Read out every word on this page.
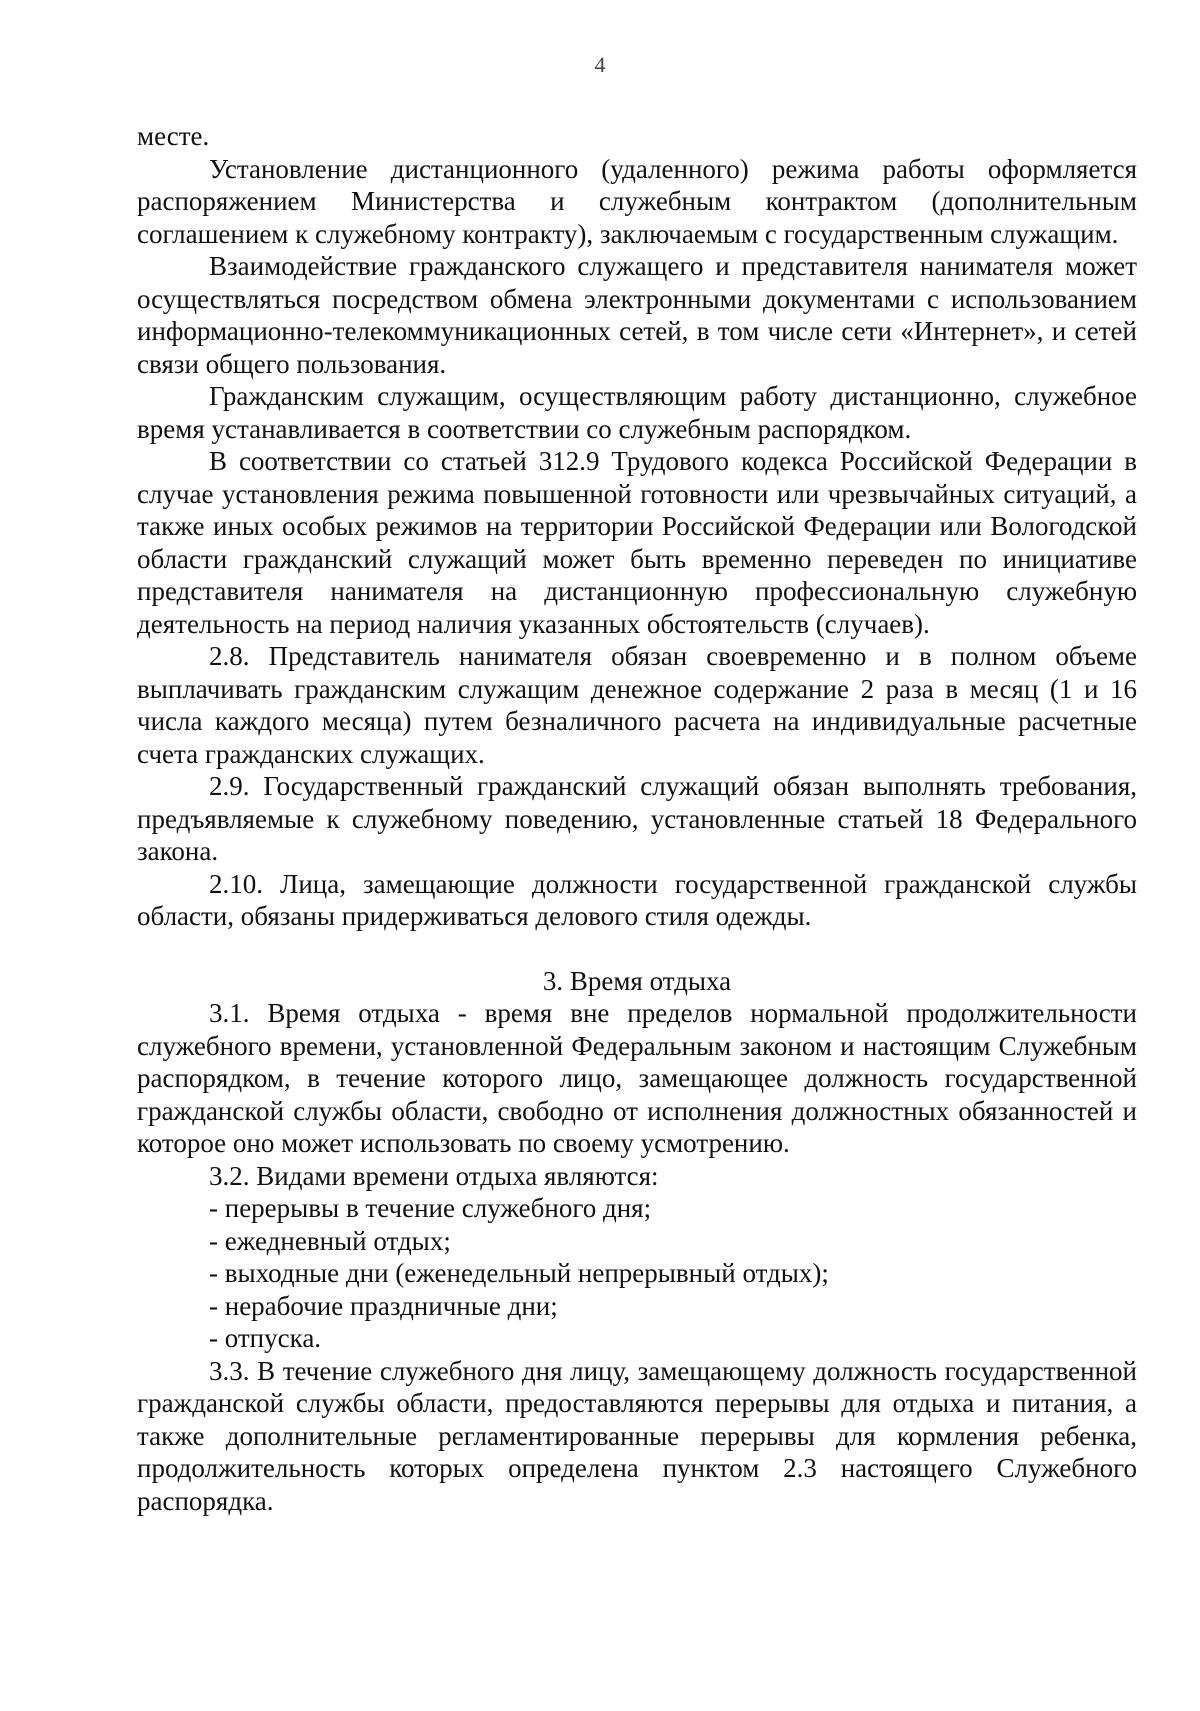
4

месте.

Установление дистанционного (удаленного) режима работы оформляется распоряжением Министерства и служебным контрактом (дополнительным соглашением к служебному контракту), заключаемым с государственным служащим.

Взаимодействие гражданского служащего и представителя нанимателя может осуществляться посредством обмена электронными документами с использованием информационно-телекоммуникационных сетей, в том числе сети «Интернет», и сетей связи общего пользования.

Гражданским служащим, осуществляющим работу дистанционно, служебное время устанавливается в соответствии со служебным распорядком.

В соответствии со статьей 312.9 Трудового кодекса Российской Федерации в случае установления режима повышенной готовности или чрезвычайных ситуаций, а также иных особых режимов на территории Российской Федерации или Вологодской области гражданский служащий может быть временно переведен по инициативе представителя нанимателя на дистанционную профессиональную служебную деятельность на период наличия указанных обстоятельств (случаев).

2.8. Представитель нанимателя обязан своевременно и в полном объеме выплачивать гражданским служащим денежное содержание 2 раза в месяц (1 и 16 числа каждого месяца) путем безналичного расчета на индивидуальные расчетные счета гражданских служащих.

2.9. Государственный гражданский служащий обязан выполнять требования, предъявляемые к служебному поведению, установленные статьей 18 Федерального закона.

2.10. Лица, замещающие должности государственной гражданской службы области, обязаны придерживаться делового стиля одежды.

3. Время отдыха

3.1. Время отдыха - время вне пределов нормальной продолжительности служебного времени, установленной Федеральным законом и настоящим Служебным распорядком, в течение которого лицо, замещающее должность государственной гражданской службы области, свободно от исполнения должностных обязанностей и которое оно может использовать по своему усмотрению.

3.2. Видами времени отдыха являются:

- перерывы в течение служебного дня;

- ежедневный отдых;

- выходные дни (еженедельный непрерывный отдых);

- нерабочие праздничные дни;

- отпуска.

3.3. В течение служебного дня лицу, замещающему должность государственной гражданской службы области, предоставляются перерывы для отдыха и питания, а также дополнительные регламентированные перерывы для кормления ребенка, продолжительность которых определена пунктом 2.3 настоящего Служебного распорядка.
